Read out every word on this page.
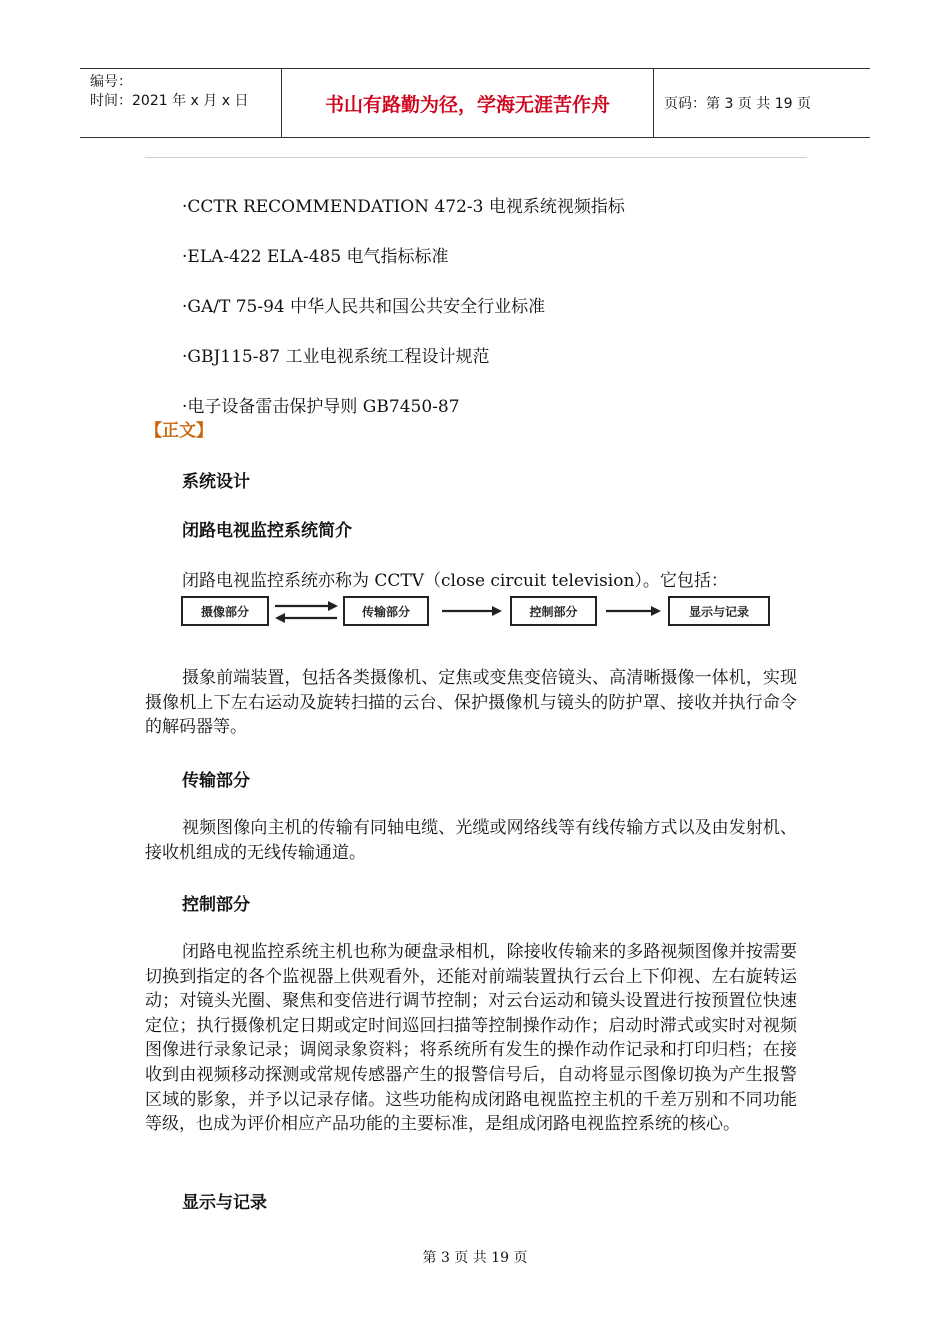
编号：
时间：2021 年 x 月 x 日	书山有路勤为径，学海无涯苦作舟	页码：第 3 页 共 19 页
·CCTR RECOMMENDATION 472-3 电视系统视频指标
·ELA-422 ELA-485 电气指标标准
·GA/T 75-94 中华人民共和国公共安全行业标准
·GBJ115-87 工业电视系统工程设计规范
·电子设备雷击保护导则 GB7450-87
【正文】
系统设计
闭路电视监控系统简介
闭路电视监控系统亦称为 CCTV（close circuit television）。它包括：
摄像部分	传输部分	控制部分	显示与记录
摄象前端装置，包括各类摄像机、定焦或变焦变倍镜头、高清晰摄像一体机，实现摄像机上下左右运动及旋转扫描的云台、保护摄像机与镜头的防护罩、接收并执行命令的解码器等。
传输部分
视频图像向主机的传输有同轴电缆、光缆或网络线等有线传输方式以及由发射机、接收机组成的无线传输通道。
控制部分
闭路电视监控系统主机也称为硬盘录相机，除接收传输来的多路视频图像并按需要切换到指定的各个监视器上供观看外，还能对前端装置执行云台上下仰视、左右旋转运动；对镜头光圈、聚焦和变倍进行调节控制；对云台运动和镜头设置进行按预置位快速定位；执行摄像机定日期或定时间巡回扫描等控制操作动作；启动时滞式或实时对视频图像进行录象记录；调阅录象资料；将系统所有发生的操作动作记录和打印归档；在接收到由视频移动探测或常规传感器产生的报警信号后，自动将显示图像切换为产生报警区域的影象，并予以记录存储。这些功能构成闭路电视监控主机的千差万别和不同功能等级，也成为评价相应产品功能的主要标准，是组成闭路电视监控系统的核心。
显示与记录
第 3 页 共 19 页
